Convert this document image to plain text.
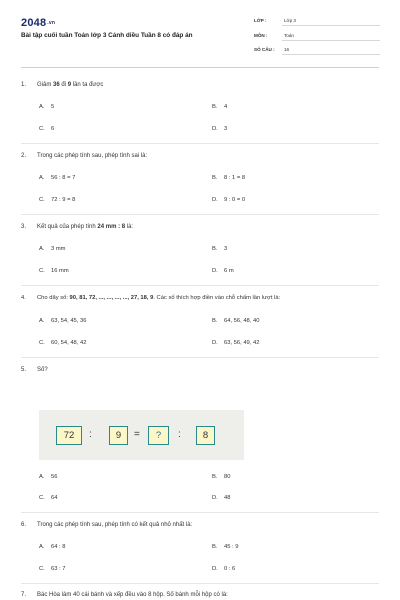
2048.vn
Bài tập cuối tuần Toán lớp 3 Cánh diều Tuần 8 có đáp án
LỚP :	Lớp 3
MÔN :	Toán
SỐ CÂU : 16
1. Giảm 36 đi 9 lần ta được
A. 5	B. 4
C. 6	D. 3
2. Trong các phép tính sau, phép tính sai là:
A. 56 : 8 = 7	B. 8 : 1 = 8
C. 72 : 9 = 8	D. 9 : 0 = 0
3. Kết quả của phép tính 24 mm : 8 là:
A. 3 mm	B. 3
C. 16 mm	D. 6 m
4. Cho dãy số: 90, 81, 72, ..., ..., ..., ..., 27, 18, 9. Các số thích hợp điền vào chỗ chấm lần lượt là:
A. 63, 54, 45, 36	B. 64, 56, 48, 40
C. 60, 54, 48, 42	D. 63, 56, 49, 42
5. Số?
72	:	9	=	?	:	8
A. 56	B. 80
C. 64	D. 48
6. Trong các phép tính sau, phép tính có kết quả nhỏ nhất là:
A. 64 : 8	B. 45 : 9
C. 63 : 7	D. 0 : 6
7. Bác Hòa làm 40 cái bánh và xếp đều vào 8 hộp. Số bánh mỗi hộp có là:
